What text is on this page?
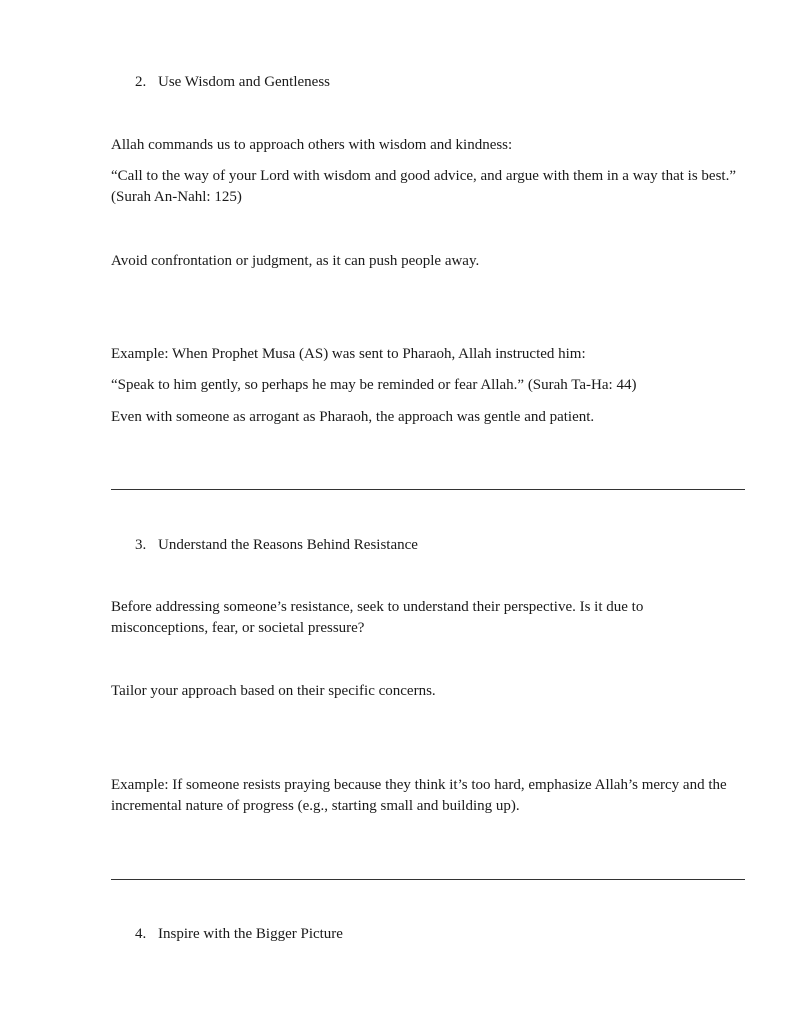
2. Use Wisdom and Gentleness

Allah commands us to approach others with wisdom and kindness:

“Call to the way of your Lord with wisdom and good advice, and argue with them in a way that is best.” (Surah An-Nahl: 125)

Avoid confrontation or judgment, as it can push people away.

Example: When Prophet Musa (AS) was sent to Pharaoh, Allah instructed him:

“Speak to him gently, so perhaps he may be reminded or fear Allah.” (Surah Ta-Ha: 44)

Even with someone as arrogant as Pharaoh, the approach was gentle and patient.

3. Understand the Reasons Behind Resistance

Before addressing someone’s resistance, seek to understand their perspective. Is it due to misconceptions, fear, or societal pressure?

Tailor your approach based on their specific concerns.

Example: If someone resists praying because they think it’s too hard, emphasize Allah’s mercy and the incremental nature of progress (e.g., starting small and building up).

4. Inspire with the Bigger Picture
